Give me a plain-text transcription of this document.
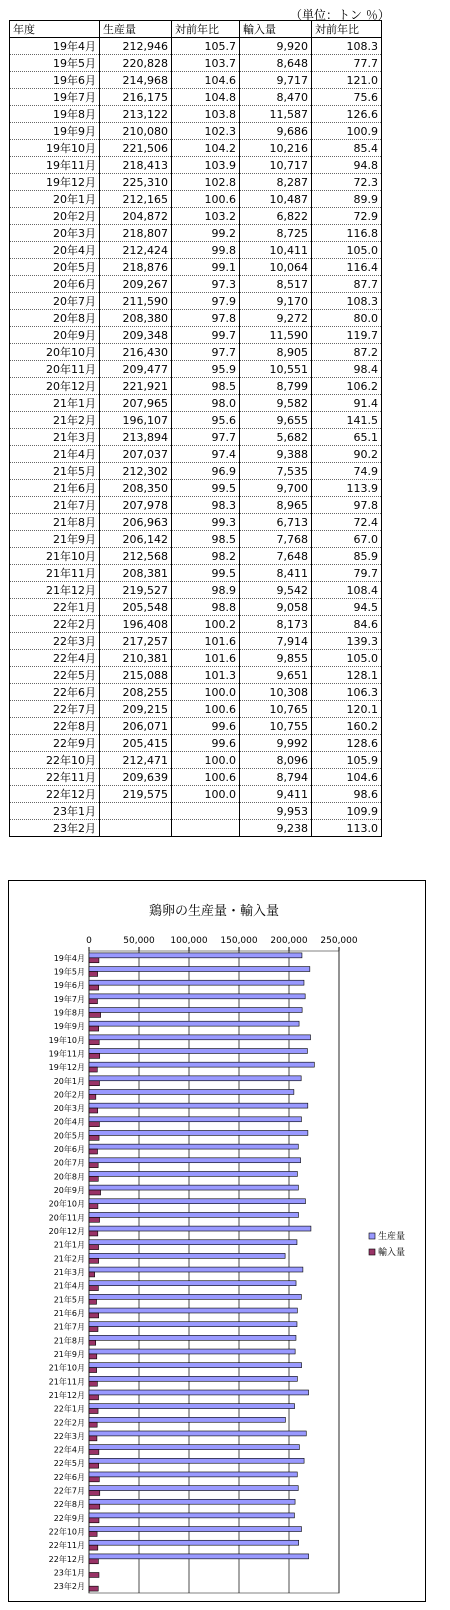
（単位：トン ％）
年度	生産量	対前年比	輸入量	対前年比
19年4月	212,946	105.7	9,920	108.3
19年5月	220,828	103.7	8,648	77.7
19年6月	214,968	104.6	9,717	121.0
19年7月	216,175	104.8	8,470	75.6
19年8月	213,122	103.8	11,587	126.6
19年9月	210,080	102.3	9,686	100.9
19年10月	221,506	104.2	10,216	85.4
19年11月	218,413	103.9	10,717	94.8
19年12月	225,310	102.8	8,287	72.3
20年1月	212,165	100.6	10,487	89.9
20年2月	204,872	103.2	6,822	72.9
20年3月	218,807	99.2	8,725	116.8
20年4月	212,424	99.8	10,411	105.0
20年5月	218,876	99.1	10,064	116.4
20年6月	209,267	97.3	8,517	87.7
20年7月	211,590	97.9	9,170	108.3
20年8月	208,380	97.8	9,272	80.0
20年9月	209,348	99.7	11,590	119.7
20年10月	216,430	97.7	8,905	87.2
20年11月	209,477	95.9	10,551	98.4
20年12月	221,921	98.5	8,799	106.2
21年1月	207,965	98.0	9,582	91.4
21年2月	196,107	95.6	9,655	141.5
21年3月	213,894	97.7	5,682	65.1
21年4月	207,037	97.4	9,388	90.2
21年5月	212,302	96.9	7,535	74.9
21年6月	208,350	99.5	9,700	113.9
21年7月	207,978	98.3	8,965	97.8
21年8月	206,963	99.3	6,713	72.4
21年9月	206,142	98.5	7,768	67.0
21年10月	212,568	98.2	7,648	85.9
21年11月	208,381	99.5	8,411	79.7
21年12月	219,527	98.9	9,542	108.4
22年1月	205,548	98.8	9,058	94.5
22年2月	196,408	100.2	8,173	84.6
22年3月	217,257	101.6	7,914	139.3
22年4月	210,381	101.6	9,855	105.0
22年5月	215,088	101.3	9,651	128.1
22年6月	208,255	100.0	10,308	106.3
22年7月	209,215	100.6	10,765	120.1
22年8月	206,071	99.6	10,755	160.2
22年9月	205,415	99.6	9,992	128.6
22年10月	212,471	100.0	8,096	105.9
22年11月	209,639	100.6	8,794	104.6
22年12月	219,575	100.0	9,411	98.6
23年1月			9,953	109.9
23年2月			9,238	113.0
鶏卵の生産量・輸入量
0	50,000 100,000 150,000 200,000 250,000
19年4月
19年5月
19年6月
19年7月
19年8月
19年9月
19年10月
19年11月
19年12月
20年1月
20年2月
20年3月
20年4月
20年5月
20年6月
20年7月
20年8月
20年9月
20年10月
20年11月
20年12月
21年1月
21年2月
21年3月
21年4月
21年5月
21年6月
21年7月
21年8月
21年9月
21年10月
21年11月
21年12月
22年1月
22年2月
22年3月
22年4月
22年5月
22年6月
22年7月
22年8月
22年9月
22年10月
22年11月
22年12月
23年1月
23年2月
生産量
輸入量
